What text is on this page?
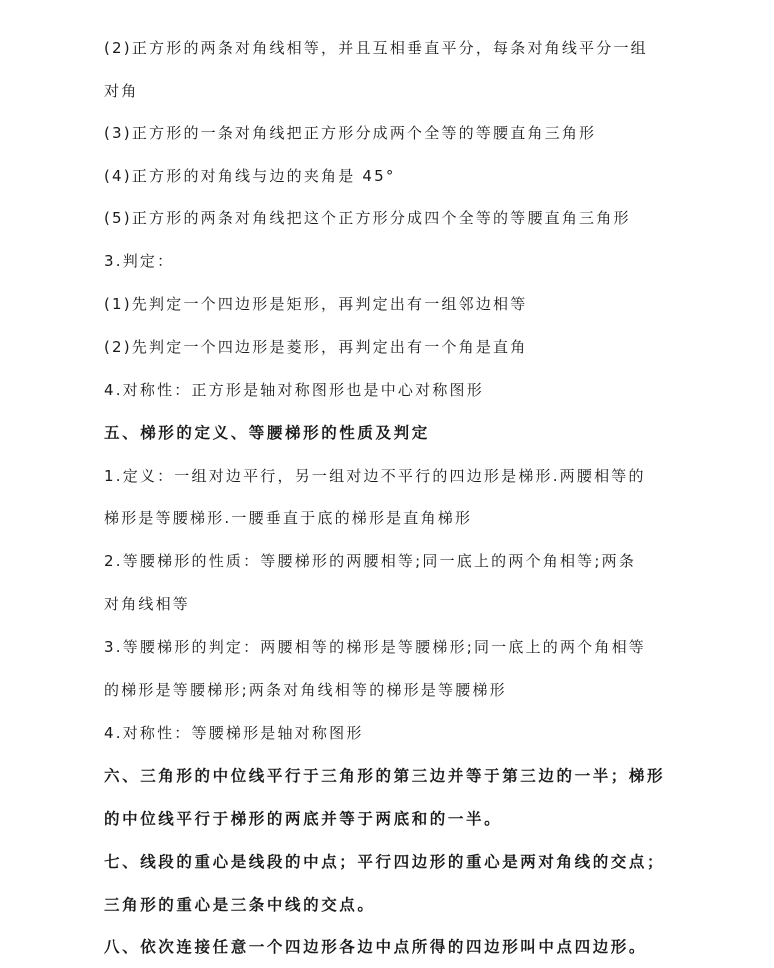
(2)正方形的两条对角线相等，并且互相垂直平分，每条对角线平分一组
对角
(3)正方形的一条对角线把正方形分成两个全等的等腰直角三角形
(4)正方形的对角线与边的夹角是 45°
(5)正方形的两条对角线把这个正方形分成四个全等的等腰直角三角形
3.判定：
(1)先判定一个四边形是矩形，再判定出有一组邻边相等
(2)先判定一个四边形是菱形，再判定出有一个角是直角
4.对称性：正方形是轴对称图形也是中心对称图形
五、梯形的定义、等腰梯形的性质及判定
1.定义：一组对边平行，另一组对边不平行的四边形是梯形.两腰相等的
梯形是等腰梯形.一腰垂直于底的梯形是直角梯形
2.等腰梯形的性质：等腰梯形的两腰相等;同一底上的两个角相等;两条
对角线相等
3.等腰梯形的判定：两腰相等的梯形是等腰梯形;同一底上的两个角相等
的梯形是等腰梯形;两条对角线相等的梯形是等腰梯形
4.对称性：等腰梯形是轴对称图形
六、三角形的中位线平行于三角形的第三边并等于第三边的一半；梯形
的中位线平行于梯形的两底并等于两底和的一半。
七、线段的重心是线段的中点；平行四边形的重心是两对角线的交点；
三角形的重心是三条中线的交点。
八、依次连接任意一个四边形各边中点所得的四边形叫中点四边形。
